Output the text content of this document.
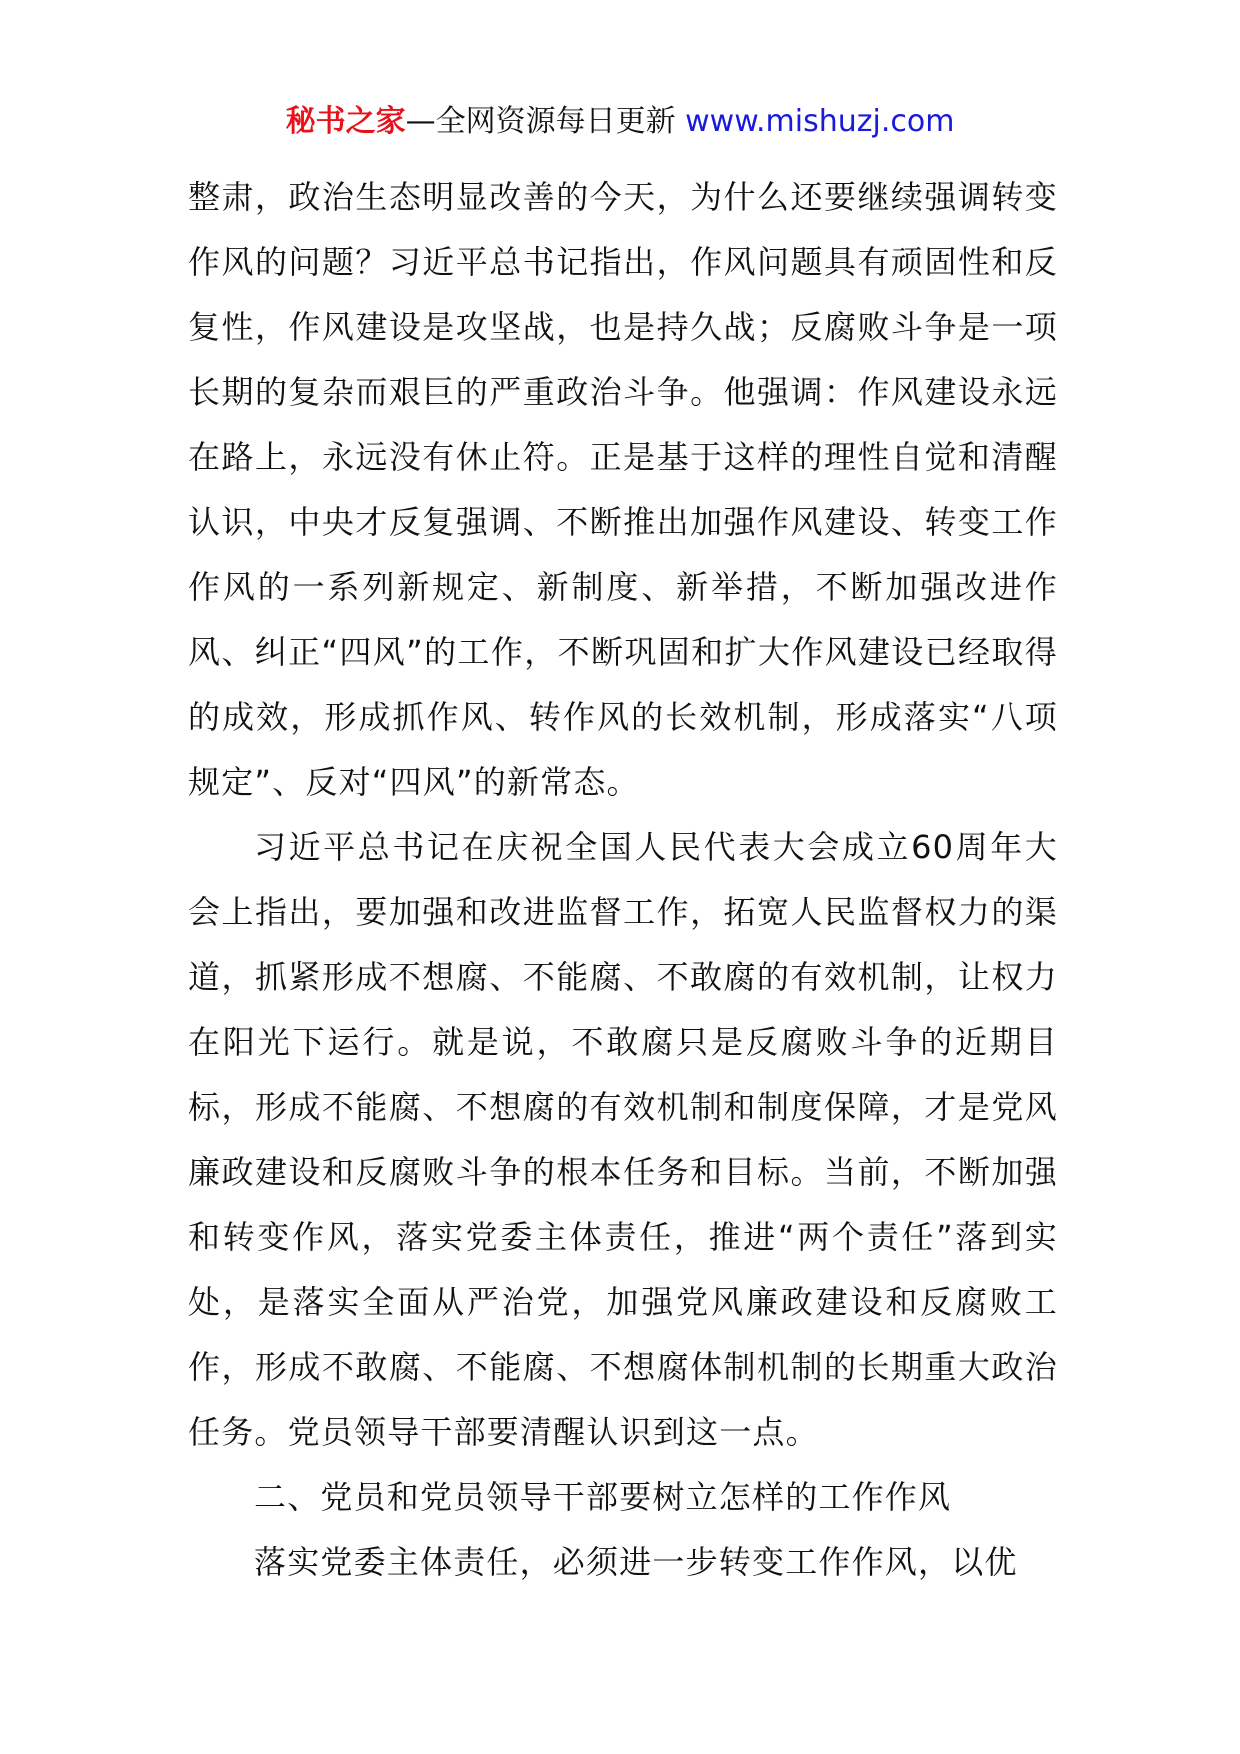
秘书之家—全网资源每日更新 www.mishuzj.com

整肃，政治生态明显改善的今天，为什么还要继续强调转变作风的问题？习近平总书记指出，作风问题具有顽固性和反复性，作风建设是攻坚战，也是持久战；反腐败斗争是一项长期的复杂而艰巨的严重政治斗争。他强调：作风建设永远在路上，永远没有休止符。正是基于这样的理性自觉和清醒认识，中央才反复强调、不断推出加强作风建设、转变工作作风的一系列新规定、新制度、新举措，不断加强改进作风、纠正“四风”的工作，不断巩固和扩大作风建设已经取得的成效，形成抓作风、转作风的长效机制，形成落实“八项规定”、反对“四风”的新常态。

习近平总书记在庆祝全国人民代表大会成立60周年大会上指出，要加强和改进监督工作，拓宽人民监督权力的渠道，抓紧形成不想腐、不能腐、不敢腐的有效机制，让权力在阳光下运行。就是说，不敢腐只是反腐败斗争的近期目标，形成不能腐、不想腐的有效机制和制度保障，才是党风廉政建设和反腐败斗争的根本任务和目标。当前，不断加强和转变作风，落实党委主体责任，推进“两个责任”落到实处，是落实全面从严治党，加强党风廉政建设和反腐败工作，形成不敢腐、不能腐、不想腐体制机制的长期重大政治任务。党员领导干部要清醒认识到这一点。

二、党员和党员领导干部要树立怎样的工作作风

落实党委主体责任，必须进一步转变工作作风，以优
